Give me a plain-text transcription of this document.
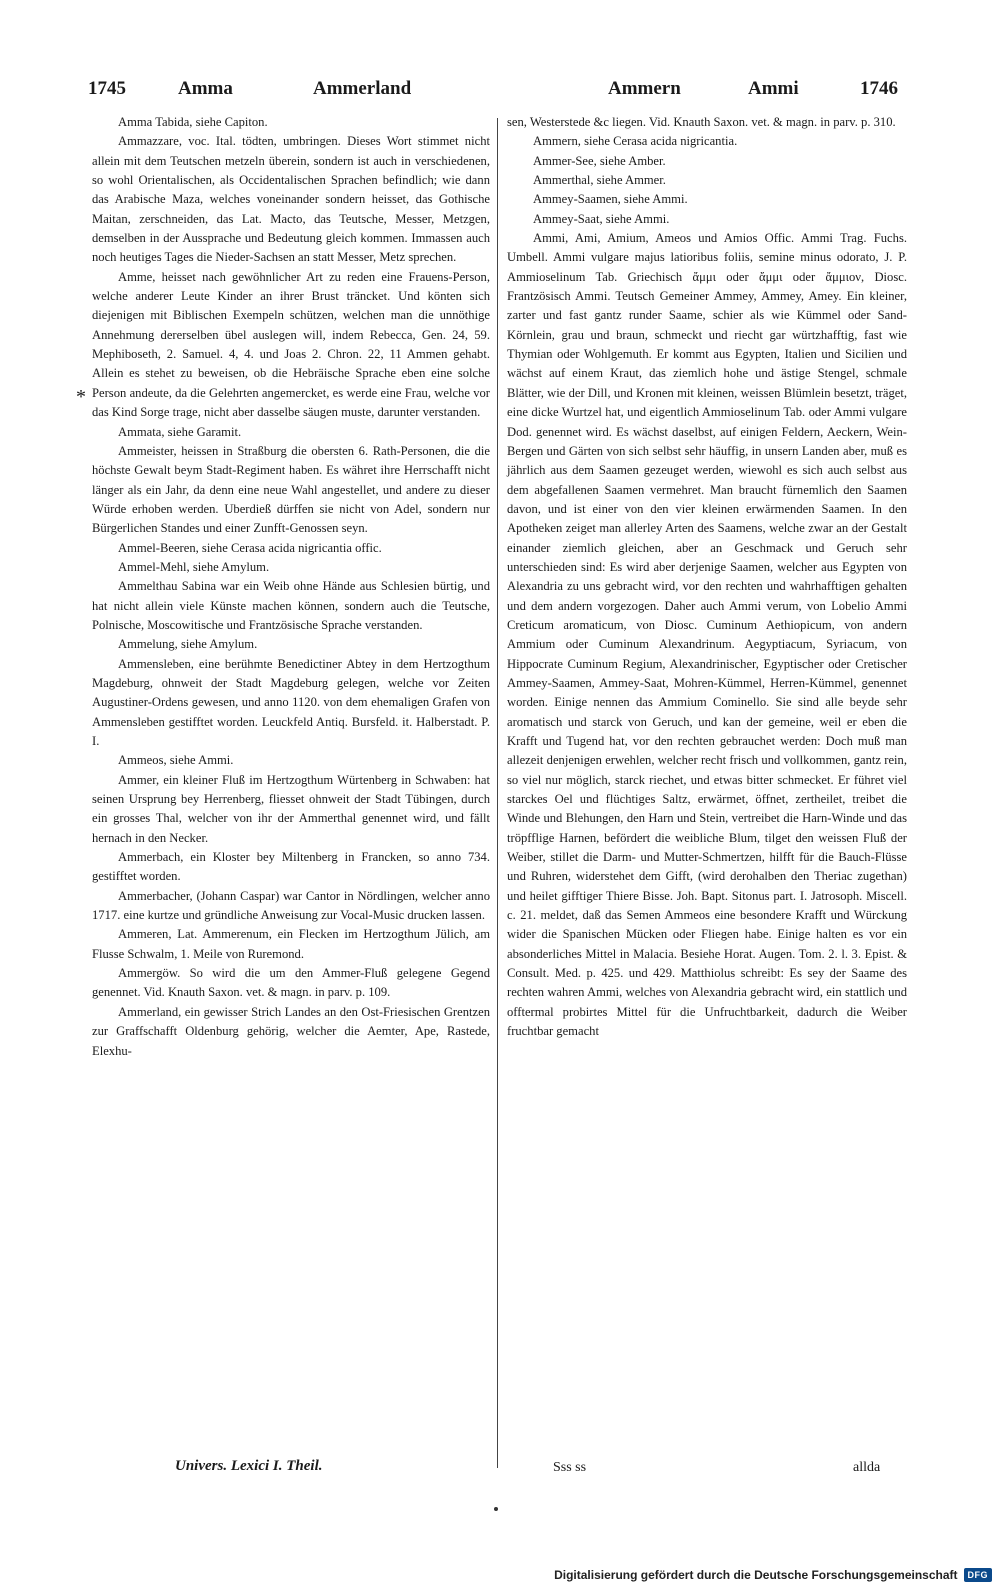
1745	Amma	Ammerland	Ammern	Ammi	1746
*

Amma Tabida, siehe Capiton.

Ammazzare, voc. Ital. tödten, umbringen. Dieses Wort stimmet nicht allein mit dem Teutschen metzeln überein, sondern ist auch in verschiedenen, so wohl Orientalischen, als Occidentalischen Sprachen befindlich; wie dann das Arabische Maza, welches voneinander sondern heisset, das Gothische Maitan, zerschneiden, das Lat. Macto, das Teutsche, Messer, Metzgen, demselben in der Aussprache und Bedeutung gleich kommen. Immassen auch noch heutiges Tages die Nieder-Sachsen an statt Messer, Metz sprechen.

Amme, heisset nach gewöhnlicher Art zu reden eine Frauens-Person, welche anderer Leute Kinder an ihrer Brust träncket. Und könten sich diejenigen mit Biblischen Exempeln schützen, welchen man die unnöthige Annehmung dererselben übel auslegen will, indem Rebecca, Gen. 24, 59. Mephiboseth, 2. Samuel. 4, 4. und Joas 2. Chron. 22, 11 Ammen gehabt. Allein es stehet zu beweisen, ob die Hebräische Sprache eben eine solche Person andeute, da die Gelehrten angemercket, es werde eine Frau, welche vor das Kind Sorge trage, nicht aber dasselbe säugen muste, darunter verstanden.

Ammata, siehe Garamit.

Ammeister, heissen in Straßburg die obersten 6. Rath-Personen, die die höchste Gewalt beym Stadt-Regiment haben. Es währet ihre Herrschafft nicht länger als ein Jahr, da denn eine neue Wahl angestellet, und andere zu dieser Würde erhoben werden. Uberdieß dürffen sie nicht von Adel, sondern nur Bürgerlichen Standes und einer Zunfft-Genossen seyn.

Ammel-Beeren, siehe Cerasa acida nigricantia offic.

Ammel-Mehl, siehe Amylum.

Ammelthau Sabina war ein Weib ohne Hände aus Schlesien bürtig, und hat nicht allein viele Künste machen können, sondern auch die Teutsche, Polnische, Moscowitische und Frantzösische Sprache verstanden.

Ammelung, siehe Amylum.

Ammensleben, eine berühmte Benedictiner Abtey in dem Hertzogthum Magdeburg, ohnweit der Stadt Magdeburg gelegen, welche vor Zeiten Augustiner-Ordens gewesen, und anno 1120. von dem ehemaligen Grafen von Ammensleben gestifftet worden. Leuckfeld Antiq. Bursfeld. it. Halberstadt. P. I.

Ammeos, siehe Ammi.

Ammer, ein kleiner Fluß im Hertzogthum Würtenberg in Schwaben: hat seinen Ursprung bey Herrenberg, fliesset ohnweit der Stadt Tübingen, durch ein grosses Thal, welcher von ihr der Ammerthal genennet wird, und fällt hernach in den Necker.

Ammerbach, ein Kloster bey Miltenberg in Francken, so anno 734. gestifftet worden.

Ammerbacher, (Johann Caspar) war Cantor in Nördlingen, welcher anno 1717. eine kurtze und gründliche Anweisung zur Vocal-Music drucken lassen.

Ammeren, Lat. Ammerenum, ein Flecken im Hertzogthum Jülich, am Flusse Schwalm, 1. Meile von Ruremond.

Ammergöw. So wird die um den Ammer-Fluß gelegene Gegend genennet. Vid. Knauth Saxon. vet. & magn. in parv. p. 109.

Ammerland, ein gewisser Strich Landes an den Ost-Friesischen Grentzen zur Graffschafft Oldenburg gehörig, welcher die Aemter, Ape, Rastede, Elexhu-

sen, Westerstede &c liegen. Vid. Knauth Saxon. vet. & magn. in parv. p. 310.

Ammern, siehe Cerasa acida nigricantia.

Ammer-See, siehe Amber.

Ammerthal, siehe Ammer.

Ammey-Saamen, siehe Ammi.

Ammey-Saat, siehe Ammi.

Ammi, Ami, Amium, Ameos und Amios Offic. Ammi Trag. Fuchs. Umbell. Ammi vulgare majus latioribus foliis, semine minus odorato, J. P. Ammioselinum Tab. Griechisch ἄμμι oder ἄμμι oder ἄμμιον, Diosc. Frantzösisch Ammi. Teutsch Gemeiner Ammey, Ammey, Amey. Ein kleiner, zarter und fast gantz runder Saame, schier als wie Kümmel oder Sand-Körnlein, grau und braun, schmeckt und riecht gar würtzhafftig, fast wie Thymian oder Wohlgemuth. Er kommt aus Egypten, Italien und Sicilien und wächst auf einem Kraut, das ziemlich hohe und ästige Stengel, schmale Blätter, wie der Dill, und Kronen mit kleinen, weissen Blümlein besetzt, träget, eine dicke Wurtzel hat, und eigentlich Ammioselinum Tab. oder Ammi vulgare Dod. genennet wird. Es wächst daselbst, auf einigen Feldern, Aeckern, Wein-Bergen und Gärten von sich selbst sehr häuffig, in unsern Landen aber, muß es jährlich aus dem Saamen gezeuget werden, wiewohl es sich auch selbst aus dem abgefallenen Saamen vermehret. Man braucht fürnemlich den Saamen davon, und ist einer von den vier kleinen erwärmenden Saamen. In den Apotheken zeiget man allerley Arten des Saamens, welche zwar an der Gestalt einander ziemlich gleichen, aber an Geschmack und Geruch sehr unterschieden sind: Es wird aber derjenige Saamen, welcher aus Egypten von Alexandria zu uns gebracht wird, vor den rechten und wahrhafftigen gehalten und dem andern vorgezogen. Daher auch Ammi verum, von Lobelio Ammi Creticum aromaticum, von Diosc. Cuminum Aethiopicum, von andern Ammium oder Cuminum Alexandrinum. Aegyptiacum, Syriacum, von Hippocrate Cuminum Regium, Alexandrinischer, Egyptischer oder Cretischer Ammey-Saamen, Ammey-Saat, Mohren-Kümmel, Herren-Kümmel, genennet worden. Einige nennen das Ammium Cominello. Sie sind alle beyde sehr aromatisch und starck von Geruch, und kan der gemeine, weil er eben die Krafft und Tugend hat, vor den rechten gebrauchet werden: Doch muß man allezeit denjenigen erwehlen, welcher recht frisch und vollkommen, gantz rein, so viel nur möglich, starck riechet, und etwas bitter schmecket. Er führet viel starckes Oel und flüchtiges Saltz, erwärmet, öffnet, zertheilet, treibet die Winde und Blehungen, den Harn und Stein, vertreibet die Harn-Winde und das tröpfflige Harnen, befördert die weibliche Blum, tilget den weissen Fluß der Weiber, stillet die Darm- und Mutter-Schmertzen, hilfft für die Bauch-Flüsse und Ruhren, widerstehet dem Gifft, (wird derohalben den Theriac zugethan) und heilet gifftiger Thiere Bisse. Joh. Bapt. Sitonus part. I. Jatrosoph. Miscell. c. 21. meldet, daß das Semen Ammeos eine besondere Krafft und Würckung wider die Spanischen Mücken oder Fliegen habe. Einige halten es vor ein absonderliches Mittel in Malacia. Besiehe Horat. Augen. Tom. 2. l. 3. Epist. & Consult. Med. p. 425. und 429. Matthiolus schreibt: Es sey der Saame des rechten wahren Ammi, welches von Alexandria gebracht wird, ein stattlich und offtermal probirtes Mittel für die Unfruchtbarkeit, dadurch die Weiber fruchtbar gemacht

Univers. Lexici I. Theil.	Sss ss	allda
Digitalisierung gefördert durch die Deutsche Forschungsgemeinschaft	DFG
